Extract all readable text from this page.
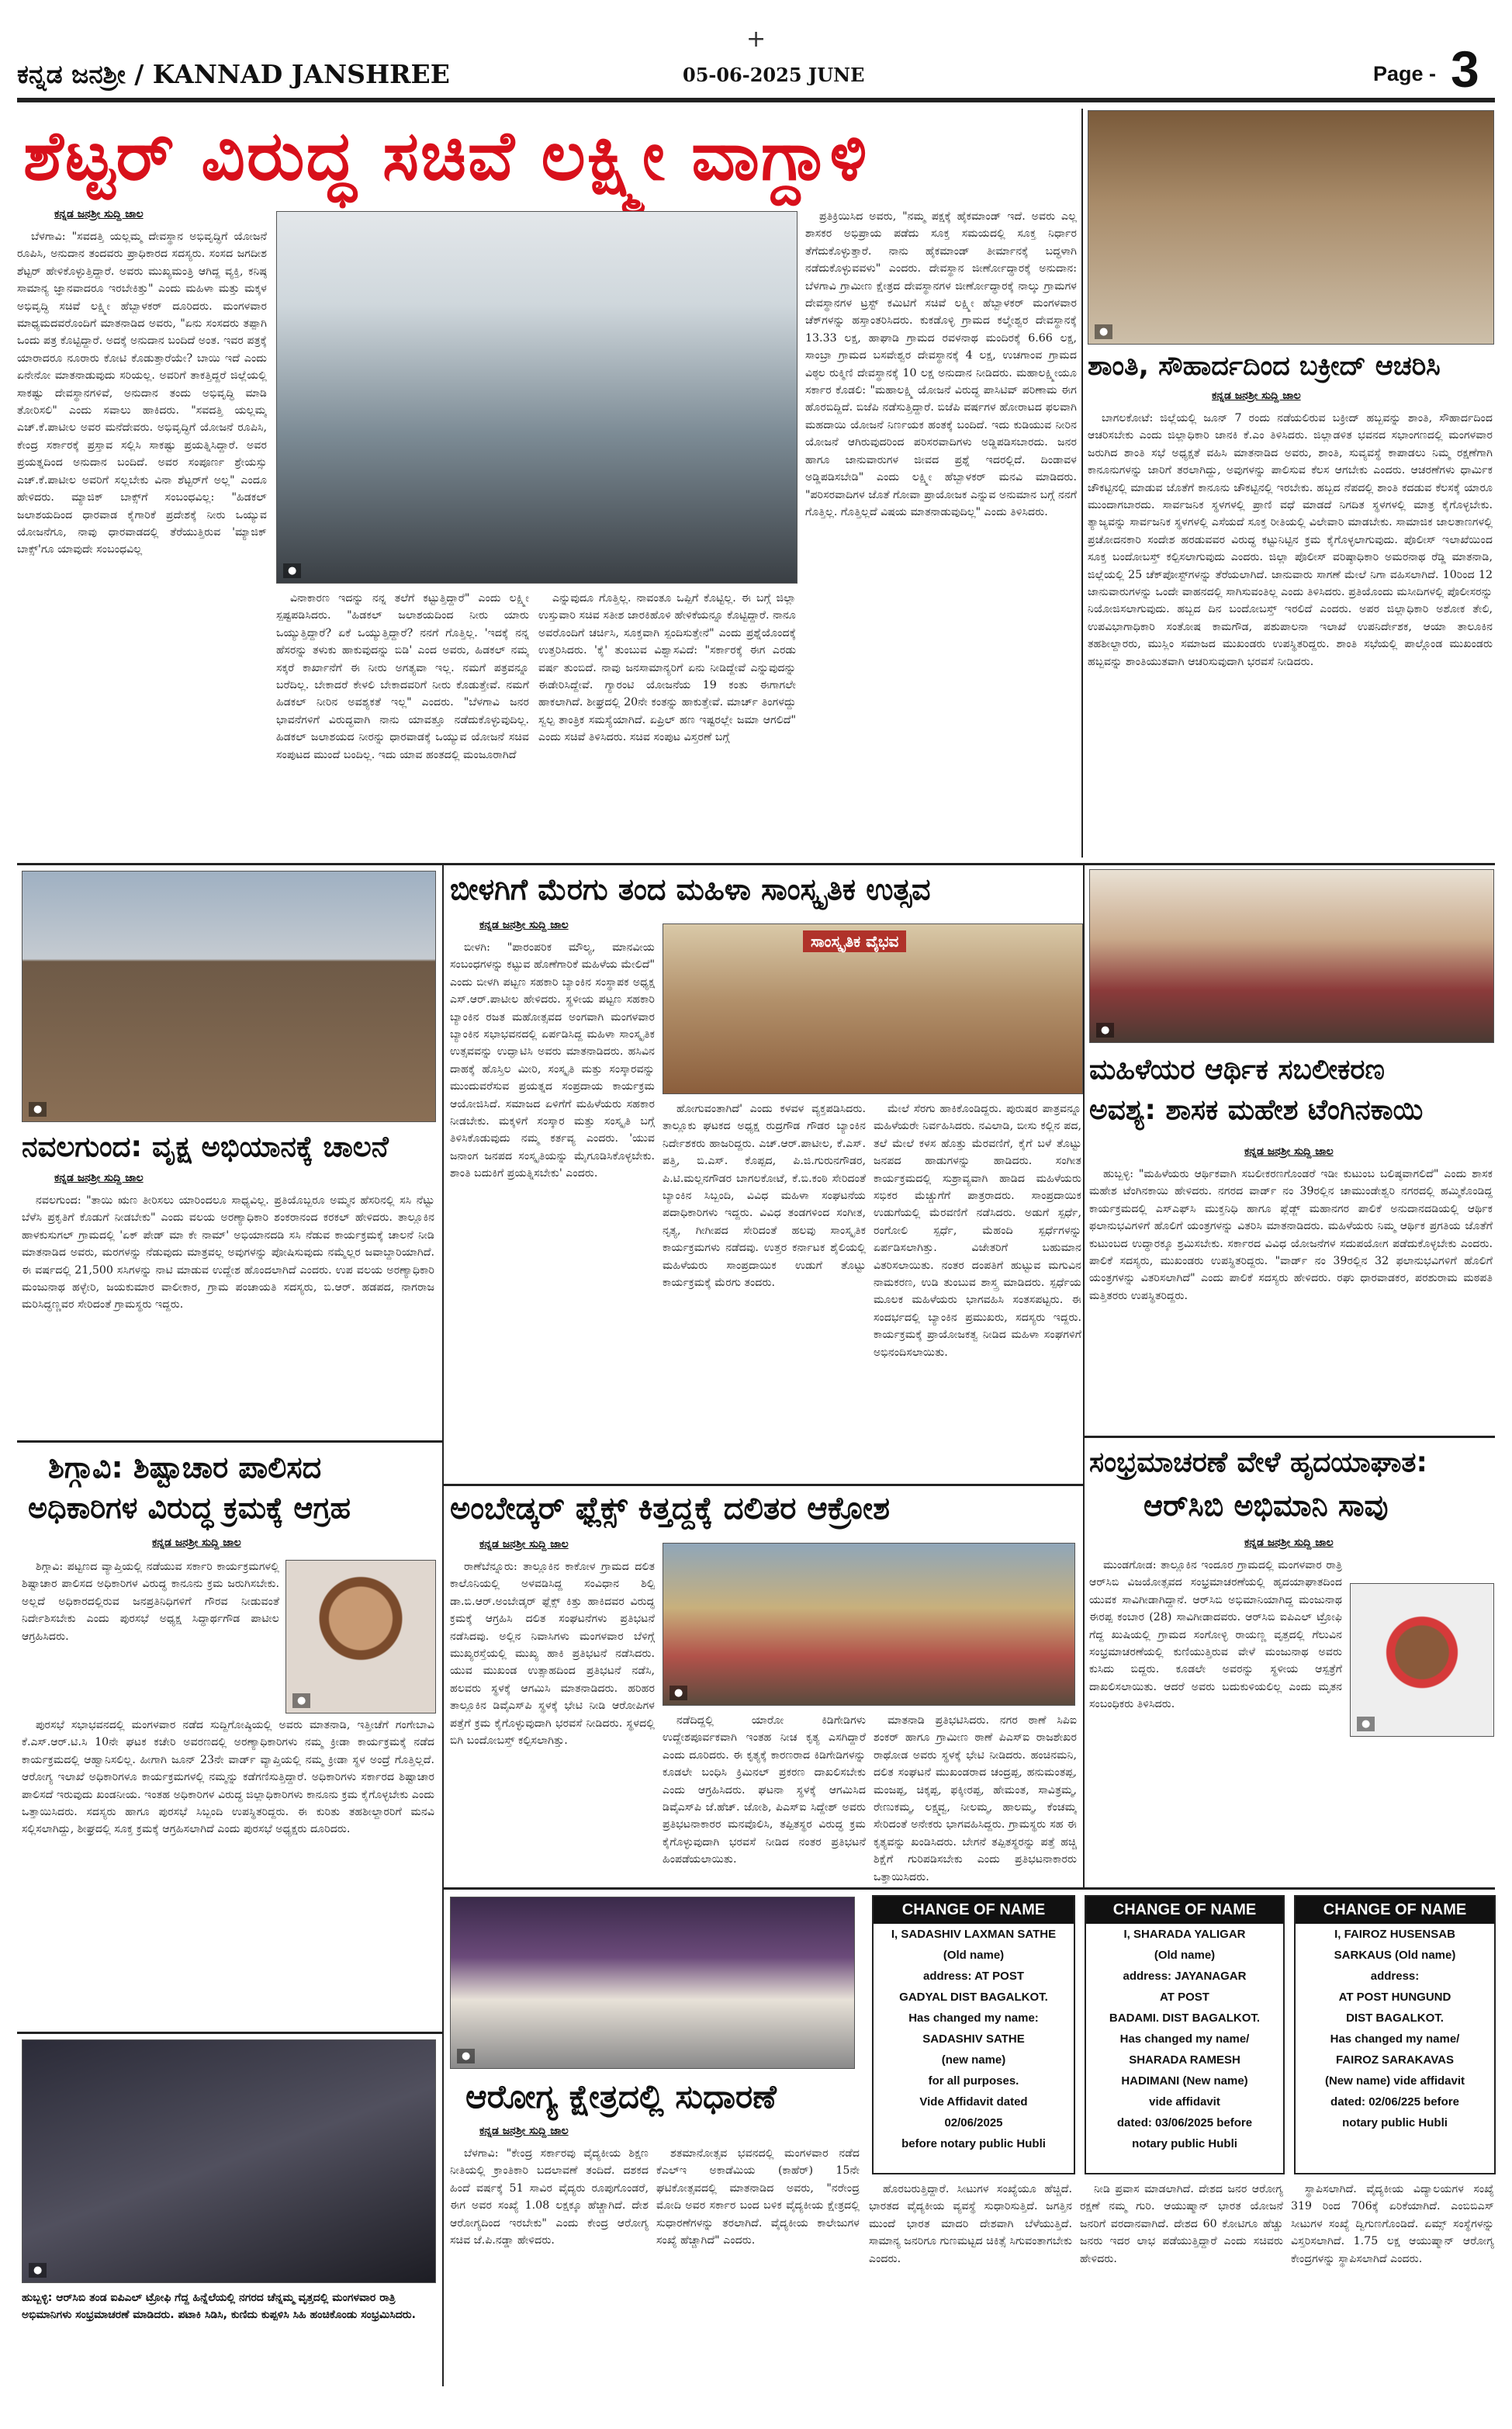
+
ಕನ್ನಡ ಜನಶ್ರೀ / KANNAD JANSHREE	05-06-2025 JUNE	Page - 3
ಶೆಟ್ಟರ್ ವಿರುದ್ಧ ಸಚಿವೆ ಲಕ್ಷ್ಮೀ ವಾಗ್ದಾಳಿ
●
ಕನ್ನಡ ಜನಶ್ರೀ ಸುದ್ದಿ ಜಾಲ

ಬೆಳಗಾವಿ: "ಸವದತ್ತಿ ಯಲ್ಲಮ್ಮ ದೇವಸ್ಥಾನ ಅಭಿವೃದ್ಧಿಗೆ ಯೋಜನೆ ರೂಪಿಸಿ, ಅನುದಾನ ತಂದವರು ಪ್ರಾಧಿಕಾರದ ಸದಸ್ಯರು. ಸಂಸದ ಜಗದೀಶ ಶೆಟ್ಟರ್ ಹೇಳಿಕೊಳ್ಳುತ್ತಿದ್ದಾರೆ. ಅವರು ಮುಖ್ಯಮಂತ್ರಿ ಆಗಿದ್ದ ವ್ಯಕ್ತಿ, ಕನಿಷ್ಠ ಸಾಮಾನ್ಯ ಜ್ಞಾನವಾದರೂ ಇರಬೇಕಿತ್ತು" ಎಂದು ಮಹಿಳಾ ಮತ್ತು ಮಕ್ಕಳ ಅಭಿವೃದ್ಧಿ ಸಚಿವೆ ಲಕ್ಷ್ಮೀ ಹೆಬ್ಬಾಳಕರ್ ದೂರಿದರು. ಮಂಗಳವಾರ ಮಾಧ್ಯಮದವರೊಂದಿಗೆ ಮಾತನಾಡಿದ ಅವರು, "ಏನು ಸಂಸದರು ತಪ್ಪಾಗಿ ಒಂದು ಪತ್ರ ಕೊಟ್ಟಿದ್ದಾರೆ. ಅದಕ್ಕೆ ಅನುದಾನ ಬಂದಿದೆ ಅಂತ. ಇವರ ಪತ್ರಕ್ಕೆ ಯಾರಾದರೂ ನೂರಾರು ಕೋಟಿ ಕೊಡುತ್ತಾರೆಯೇ? ಬಾಯಿ ಇದೆ ಎಂದು ಏನೇನೋ ಮಾತನಾಡುವುದು ಸರಿಯಲ್ಲ. ಅವರಿಗೆ ತಾಕತ್ತಿದ್ದರೆ ಜಿಲ್ಲೆಯಲ್ಲಿ ಸಾಕಷ್ಟು ದೇವಸ್ಥಾನಗಳಿವೆ, ಅನುದಾನ ತಂದು ಅಭಿವೃದ್ಧಿ ಮಾಡಿ ತೋರಿಸಲಿ" ಎಂದು ಸವಾಲು ಹಾಕಿದರು. "ಸವದತ್ತಿ ಯಲ್ಲಮ್ಮ ಎಚ್.ಕೆ.ಪಾಟೀಲ ಅವರ ಮನೆದೇವರು. ಅಭಿವೃದ್ಧಿಗೆ ಯೋಜನೆ ರೂಪಿಸಿ, ಕೇಂದ್ರ ಸರ್ಕಾರಕ್ಕೆ ಪ್ರಸ್ತಾವ ಸಲ್ಲಿಸಿ ಸಾಕಷ್ಟು ಪ್ರಯತ್ನಿಸಿದ್ದಾರೆ. ಅವರ ಪ್ರಯತ್ನದಿಂದ ಅನುದಾನ ಬಂದಿದೆ. ಅವರ ಸಂಪೂರ್ಣ ಶ್ರೇಯಸ್ಸು ಎಚ್.ಕೆ.ಪಾಟೀಲ ಅವರಿಗೆ ಸಲ್ಲಬೇಕು ವಿನಾ ಶೆಟ್ಟರ್‌ಗೆ ಅಲ್ಲ" ಎಂದೂ ಹೇಳಿದರು. ಮ್ಯಾಜಿಕ್ ಬಾಕ್ಸ್‌ಗೆ ಸಂಬಂಧವಿಲ್ಲ: "ಹಿಡಕಲ್ ಜಲಾಶಯದಿಂದ ಧಾರವಾಡ ಕೈಗಾರಿಕೆ ಪ್ರದೇಶಕ್ಕೆ ನೀರು ಒಯ್ಯುವ ಯೋಜನೆಗೂ, ನಾವು ಧಾರವಾಡದಲ್ಲಿ ತೆರೆಯುತ್ತಿರುವ 'ಮ್ಯಾಜಿಕ್ ಬಾಕ್ಸ್'ಗೂ ಯಾವುದೇ ಸಂಬಂಧವಿಲ್ಲ

●

ವಿನಾಕಾರಣ ಇದನ್ನು ನನ್ನ ತಲೆಗೆ ಕಟ್ಟುತ್ತಿದ್ದಾರೆ" ಎಂದು ಲಕ್ಷ್ಮೀ ಸ್ಪಷ್ಟಪಡಿಸಿದರು. "ಹಿಡಕಲ್ ಜಲಾಶಯದಿಂದ ನೀರು ಯಾರು ಒಯ್ಯುತ್ತಿದ್ದಾರೆ? ಏಕೆ ಒಯ್ಯುತ್ತಿದ್ದಾರೆ? ನನಗೆ ಗೊತ್ತಿಲ್ಲ. 'ಇದಕ್ಕೆ ನನ್ನ ಹೆಸರನ್ನು ತಳುಕು ಹಾಕುವುದನ್ನು ಬಿಡಿ' ಎಂದ ಅವರು, ಹಿಡಕಲ್ ನಮ್ಮ ಸಕ್ಕರೆ ಕಾರ್ಖಾನೆಗೆ ಈ ನೀರು ಅಗತ್ಯವಾ ಇಲ್ಲ. ನಮಗೆ ಪತ್ರವನ್ನೂ ಬರೆದಿಲ್ಲ. ಬೇಕಾದರೆ ಕೇಳಲಿ ಬೇಕಾದವರಿಗೆ ನೀರು ಕೊಡುತ್ತೇವೆ. ನಮಗೆ ಹಿಡಕಲ್ ನೀರಿನ ಅವಶ್ಯಕತೆ ಇಲ್ಲ" ಎಂದರು. "ಬೆಳಗಾವಿ ಜನರ ಭಾವನೆಗಳಿಗೆ ವಿರುದ್ಧವಾಗಿ ನಾನು ಯಾವತ್ತೂ ನಡೆದುಕೊಳ್ಳುವುದಿಲ್ಲ. ಹಿಡಕಲ್ ಜಲಾಶಯದ ನೀರನ್ನು ಧಾರವಾಡಕ್ಕೆ ಒಯ್ಯುವ ಯೋಜನೆ ಸಚಿವ ಸಂಪುಟದ ಮುಂದೆ ಬಂದಿಲ್ಲ. ಇದು ಯಾವ ಹಂತದಲ್ಲಿ ಮಂಜೂರಾಗಿದೆ

ಎನ್ನುವುದೂ ಗೊತ್ತಿಲ್ಲ. ನಾವಂತೂ ಒಪ್ಪಿಗೆ ಕೊಟ್ಟಿಲ್ಲ. ಈ ಬಗ್ಗೆ ಜಿಲ್ಲಾ ಉಸ್ತುವಾರಿ ಸಚಿವ ಸತೀಶ ಜಾರಕಿಹೊಳಿ ಹೇಳಿಕೆಯನ್ನೂ ಕೊಟ್ಟಿದ್ದಾರೆ. ನಾನೂ ಅವರೊಂದಿಗೆ ಚರ್ಚಿಸಿ, ಸೂಕ್ತವಾಗಿ ಸ್ಪಂದಿಸುತ್ತೇನೆ" ಎಂದು ಪ್ರಶ್ನೆಯೊಂದಕ್ಕೆ ಉತ್ತರಿಸಿದರು. 'ಕೈ' ತುಂಬುವ ವಿಶ್ವಾಸವಿದೆ: "ಸರ್ಕಾರಕ್ಕೆ ಈಗ ಎರಡು ವರ್ಷ ತುಂಬಿದೆ. ನಾವು ಜನಸಾಮಾನ್ಯರಿಗೆ ಏನು ನೀಡಿದ್ದೇವೆ ಎನ್ನುವುದನ್ನು ಈಡೇರಿಸಿದ್ದೇವೆ. ಗ್ಯಾರಂಟಿ ಯೋಜನೆಯ 19 ಕಂತು ಈಗಾಗಲೇ ಹಾಕಲಾಗಿದೆ. ಶೀಘ್ರದಲ್ಲಿ 20ನೇ ಕಂತನ್ನು ಹಾಕುತ್ತೇವೆ. ಮಾರ್ಚ್ ತಿಂಗಳದ್ದು ಸ್ವಲ್ಪ ತಾಂತ್ರಿಕ ಸಮಸ್ಯೆಯಾಗಿದೆ. ಏಪ್ರಿಲ್ ಹಣ ಇಷ್ಟರಲ್ಲೇ ಜಮಾ ಆಗಲಿದೆ" ಎಂದು ಸಚಿವೆ ತಿಳಿಸಿದರು. ಸಚಿವ ಸಂಪುಟ ವಿಸ್ತರಣೆ ಬಗ್ಗೆ

ಪ್ರತಿಕ್ರಿಯಿಸಿದ ಅವರು, "ನಮ್ಮ ಪಕ್ಷಕ್ಕೆ ಹೈಕಮಾಂಡ್ ಇದೆ. ಅವರು ಎಲ್ಲ ಶಾಸಕರ ಅಭಿಪ್ರಾಯ ಪಡೆದು ಸೂಕ್ತ ಸಮಯದಲ್ಲಿ ಸೂಕ್ತ ನಿರ್ಧಾರ ತೆಗೆದುಕೊಳ್ಳುತ್ತಾರೆ. ನಾನು ಹೈಕಮಾಂಡ್ ತೀರ್ಮಾನಕ್ಕೆ ಬದ್ಧಳಾಗಿ ನಡೆದುಕೊಳ್ಳುವವಳು" ಎಂದರು. ದೇವಸ್ಥಾನ ಜೀರ್ಣೋದ್ಧಾರಕ್ಕೆ ಅನುದಾನ: ಬೆಳಗಾವಿ ಗ್ರಾಮೀಣ ಕ್ಷೇತ್ರದ ದೇವಸ್ಥಾನಗಳ ಜೀರ್ಣೋದ್ಧಾರಕ್ಕೆ ನಾಲ್ಕು ಗ್ರಾಮಗಳ ದೇವಸ್ಥಾನಗಳ ಟ್ರಸ್ಟ್ ಕಮಿಟಿಗೆ ಸಚಿವೆ ಲಕ್ಷ್ಮೀ ಹೆಬ್ಬಾಳಕರ್ ಮಂಗಳವಾರ ಚೆಕ್‌ಗಳನ್ನು ಹಸ್ತಾಂತರಿಸಿದರು. ಕುಕಡೊಳ್ಳಿ ಗ್ರಾಮದ ಕಲ್ಮೇಶ್ವರ ದೇವಸ್ಥಾನಕ್ಕೆ 13.33 ಲಕ್ಷ, ಹಾಘಾಡಿ ಗ್ರಾಮದ ರವಳನಾಥ ಮಂದಿರಕ್ಕೆ 6.66 ಲಕ್ಷ, ಸಾಂಬ್ರಾ ಗ್ರಾಮದ ಬಸವೇಶ್ವರ ದೇವಸ್ಥಾನಕ್ಕೆ 4 ಲಕ್ಷ, ಉಚಗಾಂವ ಗ್ರಾಮದ ವಿಠ್ಠಲ ರುಕ್ಮಿಣಿ ದೇವಸ್ಥಾನಕ್ಕೆ 10 ಲಕ್ಷ ಅನುದಾನ ನೀಡಿದರು. ಮಹಾಲಕ್ಷ್ಮೀಯೂ ಸರ್ಕಾರ ಕೊಡಲಿ: "ಮಹಾಲಕ್ಷ್ಮಿ ಯೋಜನೆ ವಿರುದ್ಧ ಪಾಸಿಟಿವ್ ಪರಿಣಾಮ ಈಗ ಹೊರಬಿದ್ದಿದೆ. ಬಿಜೆಪಿ ನಡೆಸುತ್ತಿದ್ದಾರೆ. ಬಿಜೆಪಿ ವರ್ಷಗಳ ಹೋರಾಟದ ಫಲವಾಗಿ ಮಹದಾಯಿ ಯೋಜನೆ ನಿರ್ಣಯಕ ಹಂತಕ್ಕೆ ಬಂದಿದೆ. ಇದು ಕುಡಿಯುವ ನೀರಿನ ಯೋಜನೆ ಆಗಿರುವುದರಿಂದ ಪರಿಸರವಾದಿಗಳು ಅಡ್ಡಿಪಡಿಸಬಾರದು. ಜನರ ಹಾಗೂ ಜಾನುವಾರುಗಳ ಜೀವದ ಪ್ರಶ್ನೆ ಇದರಲ್ಲಿದೆ. ದಿಂಡಾವಳ ಅಡ್ಡಿಪಡಿಸಬೇಡಿ" ಎಂದು ಲಕ್ಷ್ಮೀ ಹೆಬ್ಬಾಳಕರ್ ಮನವಿ ಮಾಡಿದರು. "ಪರಿಸರವಾದಿಗಳ ಜೊತೆ ಗೋವಾ ಪ್ರಾಯೋಜಕ ಎನ್ನುವ ಅನುಮಾನ ಬಗ್ಗೆ ನನಗೆ ಗೊತ್ತಿಲ್ಲ. ಗೊತ್ತಿಲ್ಲದೆ ವಿಷಯ ಮಾತನಾಡುವುದಿಲ್ಲ" ಎಂದು ತಿಳಿಸಿದರು.

ಶಾಂತಿ, ಸೌಹಾರ್ದದಿಂದ ಬಕ್ರೀದ್ ಆಚರಿಸಿ
ಕನ್ನಡ ಜನಶ್ರೀ ಸುದ್ದಿ ಜಾಲ

ಬಾಗಲಕೋಟೆ: ಜಿಲ್ಲೆಯಲ್ಲಿ ಜೂನ್ 7 ರಂದು ನಡೆಯಲಿರುವ ಬಕ್ರೀದ್ ಹಬ್ಬವನ್ನು ಶಾಂತಿ, ಸೌಹಾರ್ದದಿಂದ ಆಚರಿಸಬೇಕು ಎಂದು ಜಿಲ್ಲಾಧಿಕಾರಿ ಜಾನಕಿ ಕೆ.ಎಂ ತಿಳಿಸಿದರು. ಜಿಲ್ಲಾಡಳಿತ ಭವನದ ಸಭಾಂಗಣದಲ್ಲಿ ಮಂಗಳವಾರ ಜರುಗಿದ ಶಾಂತಿ ಸಭೆ ಅಧ್ಯಕ್ಷತೆ ವಹಿಸಿ ಮಾತನಾಡಿದ ಅವರು, ಶಾಂತಿ, ಸುವ್ಯವಸ್ಥೆ ಕಾಪಾಡಲು ನಿಮ್ಮ ರಕ್ಷಣೆಗಾಗಿ ಕಾನೂನುಗಳನ್ನು ಜಾರಿಗೆ ತರಲಾಗಿದ್ದು, ಅವುಗಳನ್ನು ಪಾಲಿಸುವ ಕೆಲಸ ಆಗಬೇಕು ಎಂದರು. ಆಚರಣೆಗಳು ಧಾರ್ಮಿಕ ಚೌಕಟ್ಟಿನಲ್ಲಿ ಮಾಡುವ ಜೊತೆಗೆ ಕಾನೂನು ಚೌಕಟ್ಟಿನಲ್ಲಿ ಇರಬೇಕು. ಹಬ್ಬದ ನೆಪದಲ್ಲಿ ಶಾಂತಿ ಕದಡುವ ಕೆಲಸಕ್ಕೆ ಯಾರೂ ಮುಂದಾಗಬಾರದು. ಸಾರ್ವಜನಿಕ ಸ್ಥಳಗಳಲ್ಲಿ ಪ್ರಾಣಿ ವಧೆ ಮಾಡದೆ ನಿಗದಿತ ಸ್ಥಳಗಳಲ್ಲಿ ಮಾತ್ರ ಕೈಗೊಳ್ಳಬೇಕು. ತ್ಯಾಜ್ಯವನ್ನು ಸಾರ್ವಜನಿಕ ಸ್ಥಳಗಳಲ್ಲಿ ಎಸೆಯದೆ ಸೂಕ್ತ ರೀತಿಯಲ್ಲಿ ವಿಲೇವಾರಿ ಮಾಡಬೇಕು. ಸಾಮಾಜಿಕ ಜಾಲತಾಣಗಳಲ್ಲಿ ಪ್ರಚೋದನಕಾರಿ ಸಂದೇಶ ಹರಡುವವರ ವಿರುದ್ಧ ಕಟ್ಟುನಿಟ್ಟಿನ ಕ್ರಮ ಕೈಗೊಳ್ಳಲಾಗುವುದು. ಪೊಲೀಸ್ ಇಲಾಖೆಯಿಂದ ಸೂಕ್ತ ಬಂದೋಬಸ್ತ್ ಕಲ್ಪಿಸಲಾಗುವುದು ಎಂದರು. ಜಿಲ್ಲಾ ಪೊಲೀಸ್ ವರಿಷ್ಠಾಧಿಕಾರಿ ಅಮರನಾಥ ರೆಡ್ಡಿ ಮಾತನಾಡಿ, ಜಿಲ್ಲೆಯಲ್ಲಿ 25 ಚೆಕ್‌ಪೋಸ್ಟ್‌ಗಳನ್ನು ತೆರೆಯಲಾಗಿದೆ. ಜಾನುವಾರು ಸಾಗಣೆ ಮೇಲೆ ನಿಗಾ ವಹಿಸಲಾಗಿದೆ. 10ರಿಂದ 12 ಜಾನುವಾರುಗಳನ್ನು ಒಂದೇ ವಾಹನದಲ್ಲಿ ಸಾಗಿಸುವಂತಿಲ್ಲ ಎಂದು ತಿಳಿಸಿದರು. ಪ್ರತಿಯೊಂದು ಮಸೀದಿಗಳಲ್ಲಿ ಪೊಲೀಸರನ್ನು ನಿಯೋಜಿಸಲಾಗುವುದು. ಹಬ್ಬದ ದಿನ ಬಂದೋಬಸ್ತ್ ಇರಲಿದೆ ಎಂದರು. ಅಪರ ಜಿಲ್ಲಾಧಿಕಾರಿ ಅಶೋಕ ತೇಲಿ, ಉಪವಿಭಾಗಾಧಿಕಾರಿ ಸಂತೋಷ ಕಾಮಗೌಡ, ಪಶುಪಾಲನಾ ಇಲಾಖೆ ಉಪನಿರ್ದೇಶಕ, ಆಯಾ ತಾಲೂಕಿನ ತಹಶೀಲ್ದಾರರು, ಮುಸ್ಲಿಂ ಸಮಾಜದ ಮುಖಂಡರು ಉಪಸ್ಥಿತರಿದ್ದರು. ಶಾಂತಿ ಸಭೆಯಲ್ಲಿ ಪಾಲ್ಗೊಂಡ ಮುಖಂಡರು ಹಬ್ಬವನ್ನು ಶಾಂತಿಯುತವಾಗಿ ಆಚರಿಸುವುದಾಗಿ ಭರವಸೆ ನೀಡಿದರು.

●
ನವಲಗುಂದ: ವೃಕ್ಷ ಅಭಿಯಾನಕ್ಕೆ ಚಾಲನೆ
ಕನ್ನಡ ಜನಶ್ರೀ ಸುದ್ದಿ ಜಾಲ

ನವಲಗುಂದ: "ತಾಯಿ ಋಣ ತೀರಿಸಲು ಯಾರಿಂದಲೂ ಸಾಧ್ಯವಿಲ್ಲ. ಪ್ರತಿಯೊಬ್ಬರೂ ಅಮ್ಮನ ಹೆಸರಿನಲ್ಲಿ ಸಸಿ ನೆಟ್ಟು ಬೆಳೆಸಿ ಪ್ರಕೃತಿಗೆ ಕೊಡುಗೆ ನೀಡಬೇಕು" ಎಂದು ವಲಯ ಅರಣ್ಯಾಧಿಕಾರಿ ಶಂಕರಾನಂದ ಕರಕಲ್ ಹೇಳಿದರು. ತಾಲ್ಲೂಕಿನ ಹಾಳಕುಸುಗಲ್ ಗ್ರಾಮದಲ್ಲಿ 'ಏಕ್ ಪೇಡ್ ಮಾ ಕೇ ನಾಮ್' ಅಭಿಯಾನದಡಿ ಸಸಿ ನೆಡುವ ಕಾರ್ಯಕ್ರಮಕ್ಕೆ ಚಾಲನೆ ನೀಡಿ ಮಾತನಾಡಿದ ಅವರು, ಮರಗಳನ್ನು ನೆಡುವುದು ಮಾತ್ರವಲ್ಲ ಅವುಗಳನ್ನು ಪೋಷಿಸುವುದು ನಮ್ಮೆಲ್ಲರ ಜವಾಬ್ದಾರಿಯಾಗಿದೆ. ಈ ವರ್ಷದಲ್ಲಿ 21,500 ಸಸಿಗಳನ್ನು ನಾಟಿ ಮಾಡುವ ಉದ್ದೇಶ ಹೊಂದಲಾಗಿದೆ ಎಂದರು. ಉಪ ವಲಯ ಅರಣ್ಯಾಧಿಕಾರಿ ಮಂಜುನಾಥ ಹಳ್ಳೇರಿ, ಜಯಕುಮಾರ ವಾಲೀಕಾರ, ಗ್ರಾಮ ಪಂಚಾಯತಿ ಸದಸ್ಯರು, ಬಿ.ಆರ್. ಹಡಪದ, ನಾಗರಾಜ ಮರಿಸಿದ್ಧಣ್ಣವರ ಸೇರಿದಂತೆ ಗ್ರಾಮಸ್ಥರು ಇದ್ದರು.

ಶಿಗ್ಗಾವಿ: ಶಿಷ್ಟಾಚಾರ ಪಾಲಿಸದ
ಅಧಿಕಾರಿಗಳ ವಿರುದ್ಧ ಕ್ರಮಕ್ಕೆ ಆಗ್ರಹ
ಕನ್ನಡ ಜನಶ್ರೀ ಸುದ್ದಿ ಜಾಲ

ಶಿಗ್ಗಾವಿ: ಪಟ್ಟಣದ ವ್ಯಾಪ್ತಿಯಲ್ಲಿ ನಡೆಯುವ ಸರ್ಕಾರಿ ಕಾರ್ಯಕ್ರಮಗಳಲ್ಲಿ ಶಿಷ್ಟಾಚಾರ ಪಾಲಿಸದ ಅಧಿಕಾರಿಗಳ ವಿರುದ್ಧ ಕಾನೂನು ಕ್ರಮ ಜರುಗಿಸಬೇಕು. ಅಲ್ಲದೆ ಅಧಿಕಾರದಲ್ಲಿರುವ ಜನಪ್ರತಿನಿಧಿಗಳಿಗೆ ಗೌರವ ನೀಡುವಂತೆ ನಿರ್ದೇಶಿಸಬೇಕು ಎಂದು ಪುರಸಭೆ ಅಧ್ಯಕ್ಷ ಸಿದ್ಧಾರ್ಥಗೌಡ ಪಾಟೀಲ ಆಗ್ರಹಿಸಿದರು.

●

ಪುರಸಭೆ ಸಭಾಭವನದಲ್ಲಿ ಮಂಗಳವಾರ ನಡೆದ ಸುದ್ದಿಗೋಷ್ಠಿಯಲ್ಲಿ ಅವರು ಮಾತನಾಡಿ, ಇತ್ತೀಚೆಗೆ ಗಂಗೇಬಾವಿ ಕೆ.ಎಸ್.ಆರ್.ಟಿ.ಸಿ 10ನೇ ಘಟಕ ಕಚೇರಿ ಅವರಣದಲ್ಲಿ ಅರಣ್ಯಾಧಿಕಾರಿಗಳು ನಮ್ಮ ಕ್ರೀಡಾ ಕಾರ್ಯಕ್ರಮಕ್ಕೆ ನಡೆದ ಕಾರ್ಯಕ್ರಮದಲ್ಲಿ ಆಹ್ವಾನಿಸಲಿಲ್ಲ. ಹೀಗಾಗಿ ಜೂನ್ 23ನೇ ವಾರ್ಡ್ ವ್ಯಾಪ್ತಿಯಲ್ಲಿ ನಮ್ಮ ಕ್ರೀಡಾ ಸ್ಥಳ ಅಂದ್ರೆ ಗೊತ್ತಿಲ್ಲದೆ. ಆರೋಗ್ಯ ಇಲಾಖೆ ಅಧಿಕಾರಿಗಳೂ ಕಾರ್ಯಕ್ರಮಗಳಲ್ಲಿ ನಮ್ಮನ್ನು ಕಡೆಗಣಿಸುತ್ತಿದ್ದಾರೆ. ಅಧಿಕಾರಿಗಳು ಸರ್ಕಾರದ ಶಿಷ್ಟಾಚಾರ ಪಾಲಿಸದೆ ಇರುವುದು ಖಂಡನೀಯ. ಇಂತಹ ಅಧಿಕಾರಿಗಳ ವಿರುದ್ಧ ಜಿಲ್ಲಾಧಿಕಾರಿಗಳು ಕಾನೂನು ಕ್ರಮ ಕೈಗೊಳ್ಳಬೇಕು ಎಂದು ಒತ್ತಾಯಿಸಿದರು. ಸದಸ್ಯರು ಹಾಗೂ ಪುರಸಭೆ ಸಿಬ್ಬಂದಿ ಉಪಸ್ಥಿತರಿದ್ದರು. ಈ ಕುರಿತು ತಹಶೀಲ್ದಾರರಿಗೆ ಮನವಿ ಸಲ್ಲಿಸಲಾಗಿದ್ದು, ಶೀಘ್ರದಲ್ಲಿ ಸೂಕ್ತ ಕ್ರಮಕ್ಕೆ ಆಗ್ರಹಿಸಲಾಗಿದೆ ಎಂದು ಪುರಸಭೆ ಅಧ್ಯಕ್ಷರು ದೂರಿದರು.

●
ಹುಬ್ಬಳ್ಳಿ: ಆರ್‌ಸಿಬಿ ತಂಡ ಐಪಿಎಲ್ ಟ್ರೋಫಿ ಗೆದ್ದ ಹಿನ್ನೆಲೆಯಲ್ಲಿ ನಗರದ ಚೆನ್ನಮ್ಮ ವೃತ್ತದಲ್ಲಿ ಮಂಗಳವಾರ ರಾತ್ರಿ ಅಭಿಮಾನಿಗಳು ಸಂಭ್ರಮಾಚರಣೆ ಮಾಡಿದರು. ಪಟಾಕಿ ಸಿಡಿಸಿ, ಕುಣಿದು ಕುಪ್ಪಳಿಸಿ ಸಿಹಿ ಹಂಚಿಕೊಂಡು ಸಂಭ್ರಮಿಸಿದರು.
ಬೀಳಗಿಗೆ ಮೆರಗು ತಂದ ಮಹಿಳಾ ಸಾಂಸ್ಕೃತಿಕ ಉತ್ಸವ
ಕನ್ನಡ ಜನಶ್ರೀ ಸುದ್ದಿ ಜಾಲ

ಬೀಳಗಿ: "ಪಾರಂಪರಿಕ ಮೌಲ್ಯ, ಮಾನವೀಯ ಸಂಬಂಧಗಳನ್ನು ಕಟ್ಟುವ ಹೊಣೆಗಾರಿಕೆ ಮಹಿಳೆಯ ಮೇಲಿದೆ" ಎಂದು ಬೀಳಗಿ ಪಟ್ಟಣ ಸಹಕಾರಿ ಬ್ಯಾಂಕಿನ ಸಂಸ್ಥಾಪಕ ಅಧ್ಯಕ್ಷ ಎಸ್.ಆರ್.ಪಾಟೀಲ ಹೇಳಿದರು. ಸ್ಥಳೀಯ ಪಟ್ಟಣ ಸಹಕಾರಿ ಬ್ಯಾಂಕಿನ ರಜತ ಮಹೋತ್ಸವದ ಅಂಗವಾಗಿ ಮಂಗಳವಾರ ಬ್ಯಾಂಕಿನ ಸಭಾಭವನದಲ್ಲಿ ಏರ್ಪಡಿಸಿದ್ದ ಮಹಿಳಾ ಸಾಂಸ್ಕೃತಿಕ ಉತ್ಸವವನ್ನು ಉದ್ಘಾಟಿಸಿ ಅವರು ಮಾತನಾಡಿದರು. ಹಸಿವಿನ ದಾಹಕ್ಕೆ ಹೊಸ್ತಿಲ ಮೀರಿ, ಸಂಸ್ಕೃತಿ ಮತ್ತು ಸಂಸ್ಕಾರವನ್ನು ಮುಂದುವರೆಸುವ ಪ್ರಯತ್ನದ ಸಂಪ್ರದಾಯ ಕಾರ್ಯಕ್ರಮ ಆಯೋಜಿಸಿದೆ. ಸಮಾಜದ ಏಳಿಗೆಗೆ ಮಹಿಳೆಯರು ಸಹಕಾರ ನೀಡಬೇಕು. ಮಕ್ಕಳಿಗೆ ಸಂಸ್ಕಾರ ಮತ್ತು ಸಂಸ್ಕೃತಿ ಬಗ್ಗೆ ತಿಳಿಸಿಕೊಡುವುದು ನಮ್ಮ ಕರ್ತವ್ಯ ಎಂದರು. 'ಯುವ ಜನಾಂಗ ಜನಪದ ಸಂಸ್ಕೃತಿಯನ್ನು ಮೈಗೂಡಿಸಿಕೊಳ್ಳಬೇಕು. ಶಾಂತಿ ಬದುಕಿಗೆ ಪ್ರಯತ್ನಿಸಬೇಕು' ಎಂದರು.

ಸಾಂಸ್ಕೃತಿಕ ವೈಭವ

ಹೋಗುವಂತಾಗಿದೆ' ಎಂದು ಕಳವಳ ವ್ಯಕ್ತಪಡಿಸಿದರು. ತಾಲ್ಲೂಕು ಘಟಕದ ಅಧ್ಯಕ್ಷ ರುದ್ರಗೌಡ ಗೌಡರ ಬ್ಯಾಂಕಿನ ನಿರ್ದೇಶಕರು ಹಾಜರಿದ್ದರು. ಎಚ್.ಆರ್.ಪಾಟೀಲ, ಕೆ.ಎಸ್. ಪತ್ತಿ, ಬಿ.ಎಸ್. ಕೊಪ್ಪದ, ಪಿ.ಜಿ.ಗುರುನಗೌಡರ, ಪಿ.ಟಿ.ಮಲ್ಲನಗೌಡರ ಬಾಗಲಕೋಟೆ, ಕೆ.ಬಿ.ಕಂಠಿ ಸೇರಿದಂತೆ ಬ್ಯಾಂಕಿನ ಸಿಬ್ಬಂದಿ, ವಿವಿಧ ಮಹಿಳಾ ಸಂಘಟನೆಯ ಪದಾಧಿಕಾರಿಗಳು ಇದ್ದರು. ವಿವಿಧ ತಂಡಗಳಿಂದ ಸಂಗೀತ, ನೃತ್ಯ, ಗೀಗೀಪದ ಸೇರಿದಂತೆ ಹಲವು ಸಾಂಸ್ಕೃತಿಕ ಕಾರ್ಯಕ್ರಮಗಳು ನಡೆದವು. ಉತ್ತರ ಕರ್ನಾಟಕ ಶೈಲಿಯಲ್ಲಿ ಮಹಿಳೆಯರು ಸಾಂಪ್ರದಾಯಿಕ ಉಡುಗೆ ತೊಟ್ಟು ಕಾರ್ಯಕ್ರಮಕ್ಕೆ ಮೆರಗು ತಂದರು.

ಮೇಲೆ ಸೆರಗು ಹಾಕಿಕೊಂಡಿದ್ದರು. ಪುರುಷರ ಪಾತ್ರವನ್ನೂ ಮಹಿಳೆಯರೇ ನಿರ್ವಹಿಸಿದರು. ನವಿಲಾಡಿ, ಬೀಸು ಕಲ್ಲಿನ ಪದ, ತಲೆ ಮೇಲೆ ಕಳಸ ಹೊತ್ತು ಮೆರವಣಿಗೆ, ಕೈಗೆ ಬಳೆ ತೊಟ್ಟು ಜನಪದ ಹಾಡುಗಳನ್ನು ಹಾಡಿದರು. ಸಂಗೀತ ಕಾರ್ಯಕ್ರಮದಲ್ಲಿ ಸುಶ್ರಾವ್ಯವಾಗಿ ಹಾಡಿದ ಮಹಿಳೆಯರು ಸಭಿಕರ ಮೆಚ್ಚುಗೆಗೆ ಪಾತ್ರರಾದರು. ಸಾಂಪ್ರದಾಯಿಕ ಉಡುಗೆಯಲ್ಲಿ ಮೆರವಣಿಗೆ ನಡೆಸಿದರು. ಅಡುಗೆ ಸ್ಪರ್ಧೆ, ರಂಗೋಲಿ ಸ್ಪರ್ಧೆ, ಮೆಹಂದಿ ಸ್ಪರ್ಧೆಗಳನ್ನು ಏರ್ಪಡಿಸಲಾಗಿತ್ತು. ವಿಜೇತರಿಗೆ ಬಹುಮಾನ ವಿತರಿಸಲಾಯಿತು. ನಂತರ ದಂಪತಿಗೆ ಹುಟ್ಟುವ ಮಗುವಿನ ನಾಮಕರಣ, ಉಡಿ ತುಂಬುವ ಶಾಸ್ತ್ರ ಮಾಡಿದರು. ಸ್ಪರ್ಧೆಯ ಮೂಲಕ ಮಹಿಳೆಯರು ಭಾಗವಹಿಸಿ ಸಂತಸಪಟ್ಟರು. ಈ ಸಂದರ್ಭದಲ್ಲಿ ಬ್ಯಾಂಕಿನ ಪ್ರಮುಖರು, ಸದಸ್ಯರು ಇದ್ದರು. ಕಾರ್ಯಕ್ರಮಕ್ಕೆ ಪ್ರಾಯೋಜಕತ್ವ ನೀಡಿದ ಮಹಿಳಾ ಸಂಘಗಳಿಗೆ ಅಭಿನಂದಿಸಲಾಯಿತು.

ಅಂಬೇಡ್ಕರ್ ಫ್ಲೆಕ್ಸ್ ಕಿತ್ತದ್ದಕ್ಕೆ ದಲಿತರ ಆಕ್ರೋಶ
ಕನ್ನಡ ಜನಶ್ರೀ ಸುದ್ದಿ ಜಾಲ

ರಾಣೆಬೆನ್ನೂರು: ತಾಲ್ಲೂಕಿನ ಕಾಕೋಳ ಗ್ರಾಮದ ದಲಿತ ಕಾಲೊನಿಯಲ್ಲಿ ಅಳವಡಿಸಿದ್ದ ಸಂವಿಧಾನ ಶಿಲ್ಪಿ ಡಾ.ಬಿ.ಆರ್.ಅಂಬೇಡ್ಕರ್ ಫ್ಲೆಕ್ಸ್ ಕಿತ್ತು ಹಾಕಿದವರ ವಿರುದ್ಧ ಕ್ರಮಕ್ಕೆ ಆಗ್ರಹಿಸಿ ದಲಿತ ಸಂಘಟನೆಗಳು ಪ್ರತಿಭಟನೆ ನಡೆಸಿದವು. ಅಲ್ಲಿನ ನಿವಾಸಿಗಳು ಮಂಗಳವಾರ ಬೆಳಿಗ್ಗೆ ಮುಖ್ಯರಸ್ತೆಯಲ್ಲಿ ಮುಖ್ಯ ಹಾಕಿ ಪ್ರತಿಭಟನೆ ನಡೆಸಿದರು. ಯುವ ಮುಖಂಡ ಉತ್ಸಾಹದಿಂದ ಪ್ರತಿಭಟನೆ ನಡೆಸಿ, ಹಲವರು ಸ್ಥಳಕ್ಕೆ ಆಗಮಿಸಿ ಮಾತನಾಡಿದರು. ಹರಿಹರ ತಾಲ್ಲೂಕಿನ ಡಿವೈಎಸ್‌ಪಿ ಸ್ಥಳಕ್ಕೆ ಭೇಟಿ ನೀಡಿ ಆರೋಪಿಗಳ ಪತ್ತೆಗೆ ಕ್ರಮ ಕೈಗೊಳ್ಳುವುದಾಗಿ ಭರವಸೆ ನೀಡಿದರು. ಸ್ಥಳದಲ್ಲಿ ಬಿಗಿ ಬಂದೋಬಸ್ತ್ ಕಲ್ಪಿಸಲಾಗಿತ್ತು.

●

ನಡೆದಿದ್ದಲ್ಲಿ ಯಾರೋ ಕಿಡಿಗೇಡಿಗಳು ಉದ್ದೇಶಪೂರ್ವಕವಾಗಿ ಇಂತಹ ನೀಚ ಕೃತ್ಯ ಎಸಗಿದ್ದಾರೆ ಎಂದು ದೂರಿದರು. ಈ ಕೃತ್ಯಕ್ಕೆ ಕಾರಣರಾದ ಕಿಡಿಗೇಡಿಗಳನ್ನು ಕೂಡಲೇ ಬಂಧಿಸಿ ಕ್ರಿಮಿನಲ್ ಪ್ರಕರಣ ದಾಖಲಿಸಬೇಕು ಎಂದು ಆಗ್ರಹಿಸಿದರು. ಘಟನಾ ಸ್ಥಳಕ್ಕೆ ಆಗಮಿಸಿದ ಡಿವೈಎಸ್‌ಪಿ ಜೆ.ಹೆಚ್. ಜೋಶಿ, ಪಿಎಸ್‌ಐ ಸಿದ್ದೇಶ್ ಅವರು ಪ್ರತಿಭಟನಾಕಾರರ ಮನವೊಲಿಸಿ, ತಪ್ಪಿತಸ್ಥರ ವಿರುದ್ಧ ಕ್ರಮ ಕೈಗೊಳ್ಳುವುದಾಗಿ ಭರವಸೆ ನೀಡಿದ ನಂತರ ಪ್ರತಿಭಟನೆ ಹಿಂಪಡೆಯಲಾಯಿತು.

ಮಾತನಾಡಿ ಪ್ರತಿಭಟಿಸಿದರು. ನಗರ ಠಾಣೆ ಸಿಪಿಐ ಶಂಕರ್ ಹಾಗೂ ಗ್ರಾಮೀಣ ಠಾಣೆ ಪಿಎಸ್‌ಐ ರಾಜಶೇಖರ ರಾಥೋಡ ಅವರು ಸ್ಥಳಕ್ಕೆ ಭೇಟಿ ನೀಡಿದರು. ಹಂಚಿನಮನಿ, ದಲಿತ ಸಂಘಟನೆ ಮುಖಂಡರಾದ ಚಂದ್ರಪ್ಪ, ಹನುಮಂತಪ್ಪ, ಮಂಜಪ್ಪ, ಚಿಕ್ಕಪ್ಪ, ಫಕ್ಕೀರಪ್ಪ, ಹೇಮಂತ, ಸಾವಿತ್ರಮ್ಮ, ರೇಣುಕಮ್ಮ, ಲಕ್ಷ್ಮವ್ವ, ನೀಲಮ್ಮ, ಹಾಲಮ್ಮ, ಕೆಂಚಮ್ಮ ಸೇರಿದಂತೆ ಅನೇಕರು ಭಾಗವಹಿಸಿದ್ದರು. ಗ್ರಾಮಸ್ಥರು ಸಹ ಈ ಕೃತ್ಯವನ್ನು ಖಂಡಿಸಿದರು. ಬೇಗನೆ ತಪ್ಪಿತಸ್ಥರನ್ನು ಪತ್ತೆ ಹಚ್ಚಿ ಶಿಕ್ಷೆಗೆ ಗುರಿಪಡಿಸಬೇಕು ಎಂದು ಪ್ರತಿಭಟನಾಕಾರರು ಒತ್ತಾಯಿಸಿದರು.

●
ಮಹಿಳೆಯರ ಆರ್ಥಿಕ ಸಬಲೀಕರಣ
ಅವಶ್ಯ: ಶಾಸಕ ಮಹೇಶ ಟೆಂಗಿನಕಾಯಿ
ಕನ್ನಡ ಜನಶ್ರೀ ಸುದ್ದಿ ಜಾಲ

ಹುಬ್ಬಳ್ಳಿ: "ಮಹಿಳೆಯರು ಆರ್ಥಿಕವಾಗಿ ಸಬಲೀಕರಣಗೊಂಡರೆ ಇಡೀ ಕುಟುಂಬ ಬಲಿಷ್ಠವಾಗಲಿದೆ" ಎಂದು ಶಾಸಕ ಮಹೇಶ ಟೆಂಗಿನಕಾಯಿ ಹೇಳಿದರು. ನಗರದ ವಾರ್ಡ್ ನಂ 39ರಲ್ಲಿನ ಚಾಮುಂಡೇಶ್ವರಿ ನಗರದಲ್ಲಿ ಹಮ್ಮಿಕೊಂಡಿದ್ದ ಕಾರ್ಯಕ್ರಮದಲ್ಲಿ ಎಸ್‌ಎಫ್‌ಸಿ ಮುಕ್ತನಿಧಿ ಹಾಗೂ ಪ್ಲೆಡ್ಜ್ ಮಹಾನಗರ ಪಾಲಿಕೆ ಅನುದಾನದಡಿಯಲ್ಲಿ ಆರ್ಥಿಕ ಫಲಾನುಭವಿಗಳಿಗೆ ಹೊಲಿಗೆ ಯಂತ್ರಗಳನ್ನು ವಿತರಿಸಿ ಮಾತನಾಡಿದರು. ಮಹಿಳೆಯರು ನಿಮ್ಮ ಆರ್ಥಿಕ ಪ್ರಗತಿಯ ಜೊತೆಗೆ ಕುಟುಂಬದ ಉದ್ಧಾರಕ್ಕೂ ಶ್ರಮಿಸಬೇಕು. ಸರ್ಕಾರದ ವಿವಿಧ ಯೋಜನೆಗಳ ಸದುಪಯೋಗ ಪಡೆದುಕೊಳ್ಳಬೇಕು ಎಂದರು. ಪಾಲಿಕೆ ಸದಸ್ಯರು, ಮುಖಂಡರು ಉಪಸ್ಥಿತರಿದ್ದರು. "ವಾರ್ಡ್ ನಂ 39ರಲ್ಲಿನ 32 ಫಲಾನುಭವಿಗಳಿಗೆ ಹೊಲಿಗೆ ಯಂತ್ರಗಳನ್ನು ವಿತರಿಸಲಾಗಿದೆ" ಎಂದು ಪಾಲಿಕೆ ಸದಸ್ಯರು ಹೇಳಿದರು. ರಘು ಧಾರವಾಡಕರ, ಪರಶುರಾಮ ಮಠಪತಿ ಮತ್ತಿತರರು ಉಪಸ್ಥಿತರಿದ್ದರು.

ಸಂಭ್ರಮಾಚರಣೆ ವೇಳೆ ಹೃದಯಾಘಾತ:
ಆರ್‌ಸಿಬಿ ಅಭಿಮಾನಿ ಸಾವು
ಕನ್ನಡ ಜನಶ್ರೀ ಸುದ್ದಿ ಜಾಲ

ಮುಂಡಗೋಡ: ತಾಲ್ಲೂಕಿನ ಇಂದೂರ ಗ್ರಾಮದಲ್ಲಿ ಮಂಗಳವಾರ ರಾತ್ರಿ ಆರ್‌ಸಿಬಿ ವಿಜಯೋತ್ಸವದ ಸಂಭ್ರಮಾಚರಣೆಯಲ್ಲಿ ಹೃದಯಾಘಾತದಿಂದ ಯುವಕ ಸಾವಿಗೀಡಾಗಿದ್ದಾನೆ. ಆರ್‌ಸಿಬಿ ಅಭಿಮಾನಿಯಾಗಿದ್ದ ಮಂಜುನಾಥ ಈರಪ್ಪ ಕಂಬಾರ (28) ಸಾವಿಗೀಡಾದವರು. ಆರ್‌ಸಿಬಿ ಐಪಿಎಲ್ ಟ್ರೋಫಿ ಗೆದ್ದ ಖುಷಿಯಲ್ಲಿ ಗ್ರಾಮದ ಸಂಗೋಳ್ಳಿ ರಾಯಣ್ಣ ವೃತ್ತದಲ್ಲಿ ಗೆಲುವಿನ ಸಂಭ್ರಮಾಚರಣೆಯಲ್ಲಿ ಕುಣಿಯುತ್ತಿರುವ ವೇಳೆ ಮಂಜುನಾಥ ಅವರು ಕುಸಿದು ಬಿದ್ದರು. ಕೂಡಲೇ ಅವರನ್ನು ಸ್ಥಳೀಯ ಆಸ್ಪತ್ರೆಗೆ ದಾಖಲಿಸಲಾಯಿತು. ಆದರೆ ಅವರು ಬದುಕುಳಿಯಲಿಲ್ಲ ಎಂದು ಮೃತನ ಸಂಬಂಧಿಕರು ತಿಳಿಸಿದರು.

●
●
ಆರೋಗ್ಯ ಕ್ಷೇತ್ರದಲ್ಲಿ ಸುಧಾರಣೆ
ಕನ್ನಡ ಜನಶ್ರೀ ಸುದ್ದಿ ಜಾಲ

ಬೆಳಗಾವಿ: "ಕೇಂದ್ರ ಸರ್ಕಾರವು ವೈದ್ಯಕೀಯ ಶಿಕ್ಷಣ ನೀತಿಯಲ್ಲಿ ಕ್ರಾಂತಿಕಾರಿ ಬದಲಾವಣೆ ತಂದಿದೆ. ದಶಕದ ಹಿಂದೆ ವರ್ಷಕ್ಕೆ 51 ಸಾವಿರ ವೈದ್ಯರು ರೂಪುಗೊಂಡರೆ, ಈಗ ಅವರ ಸಂಖ್ಯೆ 1.08 ಲಕ್ಷಕ್ಕೂ ಹೆಚ್ಚಾಗಿದೆ. ದೇಶ ಆರೋಗ್ಯದಿಂದ ಇರಬೇಕು" ಎಂದು ಕೇಂದ್ರ ಆರೋಗ್ಯ ಸಚಿವ ಜೆ.ಪಿ.ನಡ್ಡಾ ಹೇಳಿದರು.

ಶತಮಾನೋತ್ಸವ ಭವನದಲ್ಲಿ ಮಂಗಳವಾರ ನಡೆದ ಕೆಎಲ್‌ಇ ಅಕಾಡೆಮಿಯ (ಕಾಹೆರ್) 15ನೇ ಘಟಿಕೋತ್ಸವದಲ್ಲಿ ಮಾತನಾಡಿದ ಅವರು, "ನರೇಂದ್ರ ಮೋದಿ ಅವರ ಸರ್ಕಾರ ಬಂದ ಬಳಿಕ ವೈದ್ಯಕೀಯ ಕ್ಷೇತ್ರದಲ್ಲಿ ಸುಧಾರಣೆಗಳನ್ನು ತರಲಾಗಿದೆ. ವೈದ್ಯಕೀಯ ಕಾಲೇಜುಗಳ ಸಂಖ್ಯೆ ಹೆಚ್ಚಾಗಿದೆ" ಎಂದರು.

ಹೊರಬರುತ್ತಿದ್ದಾರೆ. ಸೀಟುಗಳ ಸಂಖ್ಯೆಯೂ ಹೆಚ್ಚಿದೆ. ಭಾರತದ ವೈದ್ಯಕೀಯ ವ್ಯವಸ್ಥೆ ಸುಧಾರಿಸುತ್ತಿದೆ. ಜಗತ್ತಿನ ಮುಂದೆ ಭಾರತ ಮಾದರಿ ದೇಶವಾಗಿ ಬೆಳೆಯುತ್ತಿದೆ. ಸಾಮಾನ್ಯ ಜನರಿಗೂ ಗುಣಮಟ್ಟದ ಚಿಕಿತ್ಸೆ ಸಿಗುವಂತಾಗಬೇಕು ಎಂದರು.

ನೀಡಿ ಪ್ರವಾಸ ಮಾಡಲಾಗಿದೆ. ದೇಶದ ಜನರ ಆರೋಗ್ಯ ರಕ್ಷಣೆ ನಮ್ಮ ಗುರಿ. ಆಯುಷ್ಮಾನ್ ಭಾರತ ಯೋಜನೆ ಜನರಿಗೆ ವರದಾನವಾಗಿದೆ. ದೇಶದ 60 ಕೋಟಿಗೂ ಹೆಚ್ಚು ಜನರು ಇದರ ಲಾಭ ಪಡೆಯುತ್ತಿದ್ದಾರೆ ಎಂದು ಸಚಿವರು ಹೇಳಿದರು.

ಸ್ಥಾಪಿಸಲಾಗಿದೆ. ವೈದ್ಯಕೀಯ ವಿದ್ಯಾಲಯಗಳ ಸಂಖ್ಯೆ 319 ರಿಂದ 706ಕ್ಕೆ ಏರಿಕೆಯಾಗಿದೆ. ಎಂಬಿಬಿಎಸ್ ಸೀಟುಗಳ ಸಂಖ್ಯೆ ದ್ವಿಗುಣಗೊಂಡಿದೆ. ಏಮ್ಸ್ ಸಂಸ್ಥೆಗಳನ್ನು ವಿಸ್ತರಿಸಲಾಗಿದೆ. 1.75 ಲಕ್ಷ ಆಯುಷ್ಮಾನ್ ಆರೋಗ್ಯ ಕೇಂದ್ರಗಳನ್ನು ಸ್ಥಾಪಿಸಲಾಗಿದೆ ಎಂದರು.

CHANGE OF NAME
I, SADASHIV LAXMAN SATHE
(Old name)
address: AT POST
GADYAL DIST BAGALKOT.
Has changed my name:
SADASHIV SATHE
(new name)
for all purposes.
Vide Affidavit dated
02/06/2025
before notary public Hubli
CHANGE OF NAME
I, SHARADA YALIGAR
(Old name)
address: JAYANAGAR
AT POST
BADAMI. DIST BAGALKOT.
Has changed my name/
SHARADA RAMESH
HADIMANI (New name)
vide affidavit
dated: 03/06/2025 before
notary public Hubli
CHANGE OF NAME
I, FAIROZ HUSENSAB
SARKAUS (Old name)
address:
AT POST HUNGUND
DIST BAGALKOT.
Has changed my name/
FAIROZ SARAKAVAS
(New name) vide affidavit
dated: 02/06/225 before
notary public Hubli
